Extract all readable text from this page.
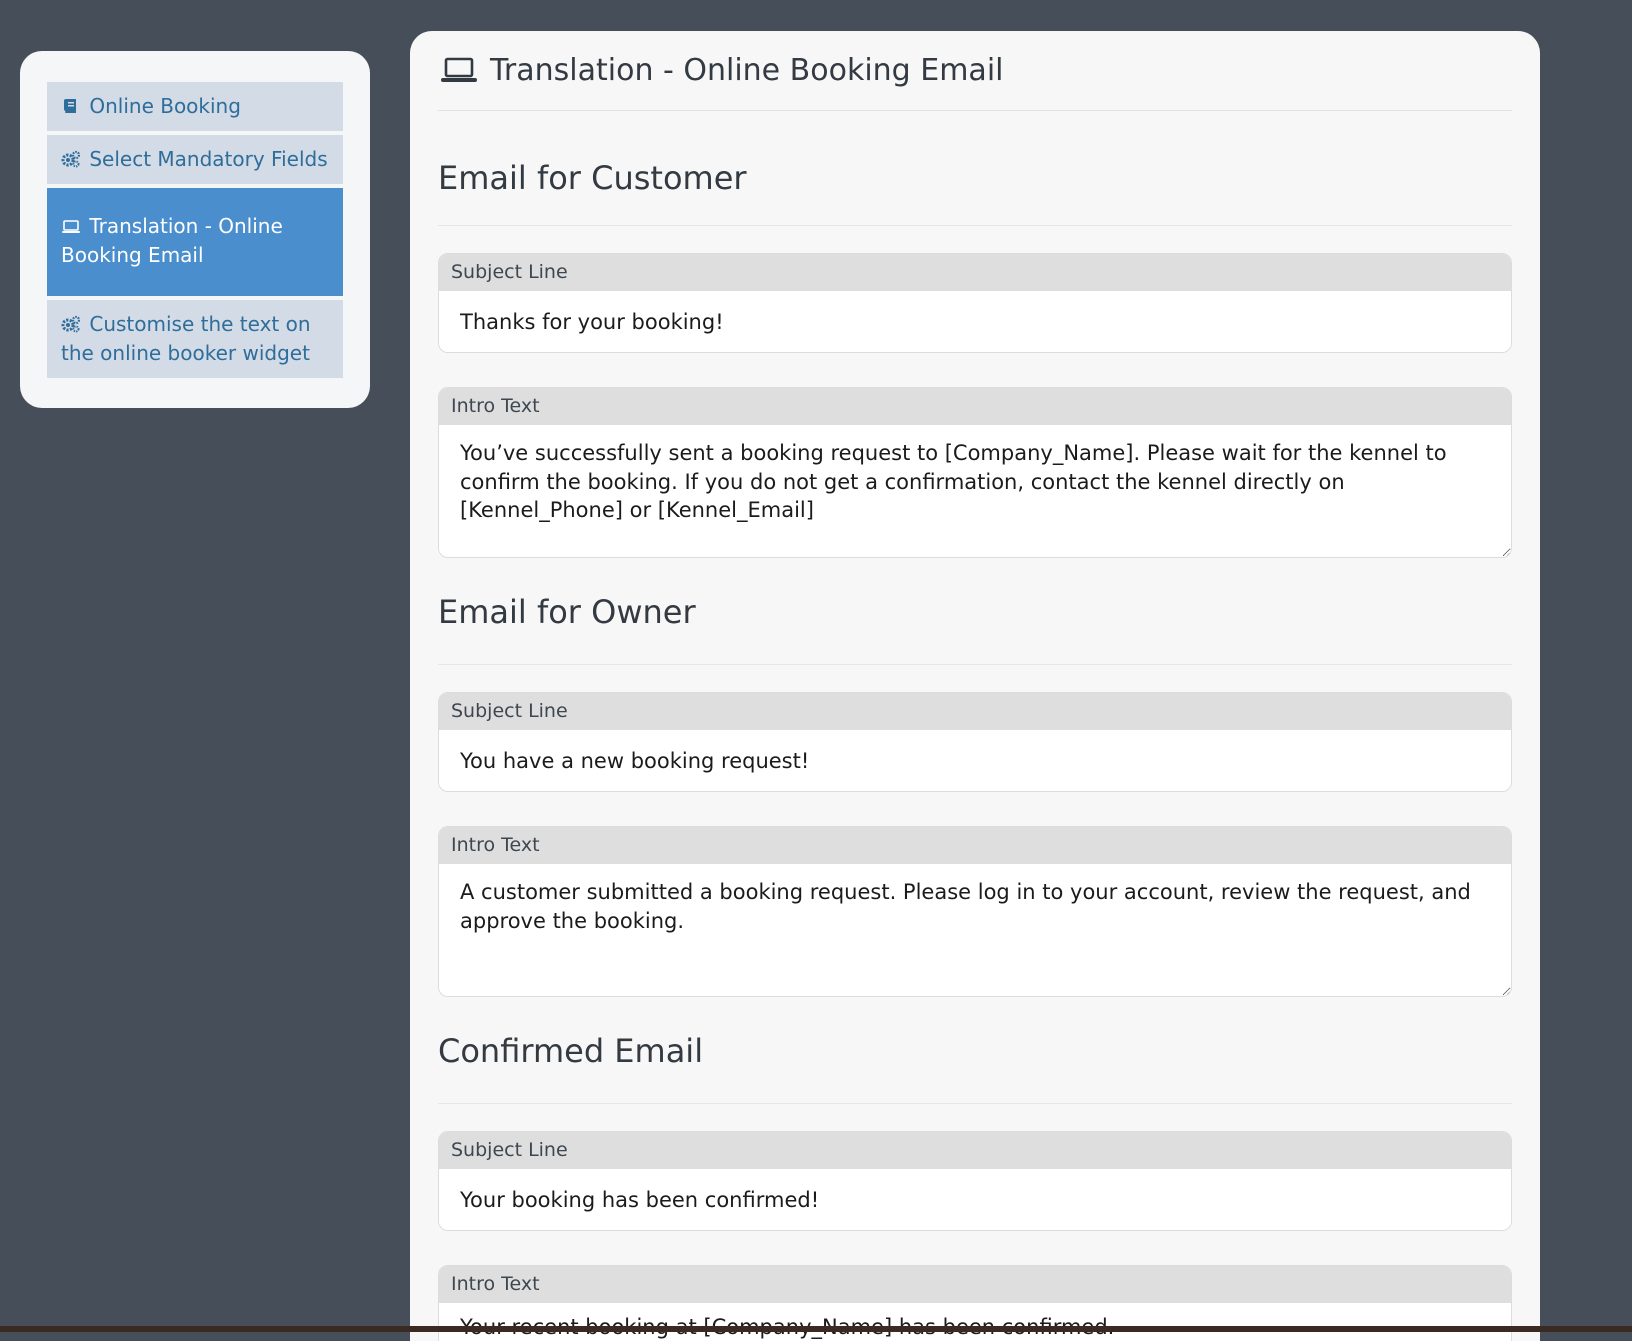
Online Booking
Select Mandatory Fields
Translation - Online Booking Email
Customise the text on the online booker widget
Translation - Online Booking Email
Email for Customer
Subject Line
Thanks for your booking!
Intro Text
You’ve successfully sent a booking request to [Company_Name]. Please wait for the kennel to confirm the booking. If you do not get a confirmation, contact the kennel directly on [Kennel_Phone] or [Kennel_Email]
Email for Owner
Subject Line
You have a new booking request!
Intro Text
A customer submitted a booking request. Please log in to your account, review the request, and approve the booking.
Confirmed Email
Subject Line
Your booking has been confirmed!
Intro Text
Your recent booking at [Company_Name] has been confirmed.
